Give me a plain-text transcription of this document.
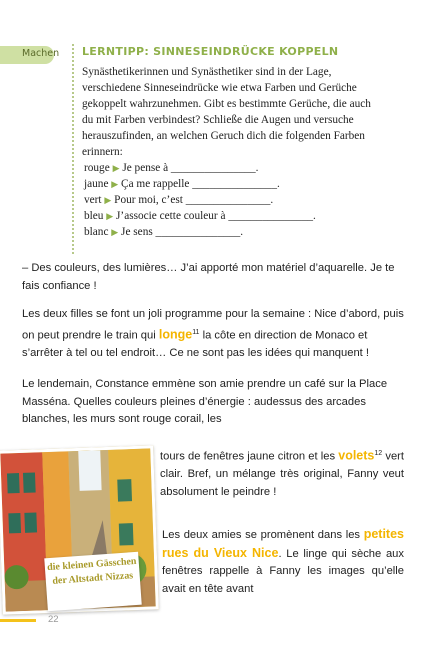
Machen LERNTIPP: SINNESEINDRÜCKE KOPPELN

Synästhetikerinnen und Synästhetiker sind in der Lage, verschiedene Sinneseindrücke wie etwa Farben und Gerüche gekoppelt wahrzunehmen. Gibt es bestimmte Gerüche, die auch du mit Farben verbindest? Schließe die Augen und versuche herauszufinden, an welchen Geruch dich die folgenden Farben erinnern:

rouge ▶ Je pense à _______________.
jaune ▶ Ça me rappelle _______________.
vert ▶ Pour moi, c’est _______________.
bleu ▶ J’associe cette couleur à _______________.
blanc ▶ Je sens _______________.

– Des couleurs, des lumières… J’ai apporté mon matériel d’aquarelle. Je te fais confiance !

Les deux filles se font un joli programme pour la semaine : Nice d’abord, puis on peut prendre le train qui longe$^{11}$ la côte en direction de Monaco et s’arrêter à tel ou tel endroit… Ce ne sont pas les idées qui manquent !

Le lendemain, Constance emmène son amie prendre un café sur la Place Masséna. Quelles couleurs pleines d’énergie : audessus des arcades blanches, les murs sont rouge corail, les

tours de fenêtres jaune citron et les volets$^{12}$ vert clair. Bref, un mélange très original, Fanny veut absolument le peindre !

Les deux amies se promènent dans les petites rues du Vieux Nice. Le linge qui sèche aux fenêtres rappelle à Fanny les images qu’elle avait en tête avant

die kleinen Gässchen der Altstadt Nizzas
22
